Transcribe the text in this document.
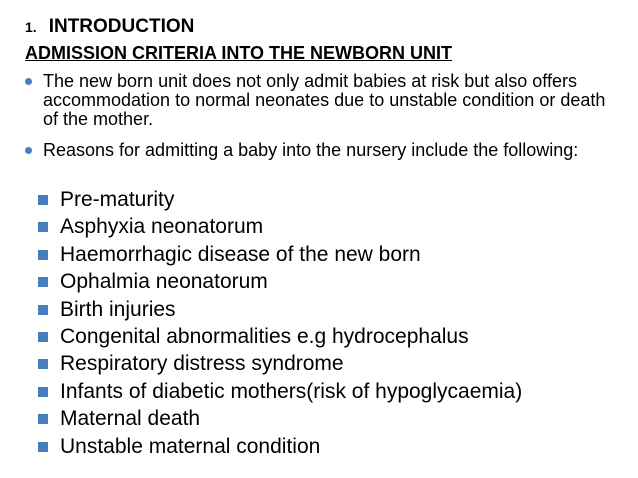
1. INTRODUCTION
ADMISSION CRITERIA INTO THE NEWBORN UNIT
The new born unit does not only admit babies at risk but also offers accommodation to normal neonates due to unstable condition or death of the mother.
Reasons for admitting a baby into the nursery include the following:
Pre-maturity
Asphyxia neonatorum
Haemorrhagic disease of the new born
Ophalmia neonatorum
Birth injuries
Congenital abnormalities e.g hydrocephalus
Respiratory distress syndrome
Infants of diabetic mothers(risk of hypoglycaemia)
Maternal death
Unstable maternal condition
